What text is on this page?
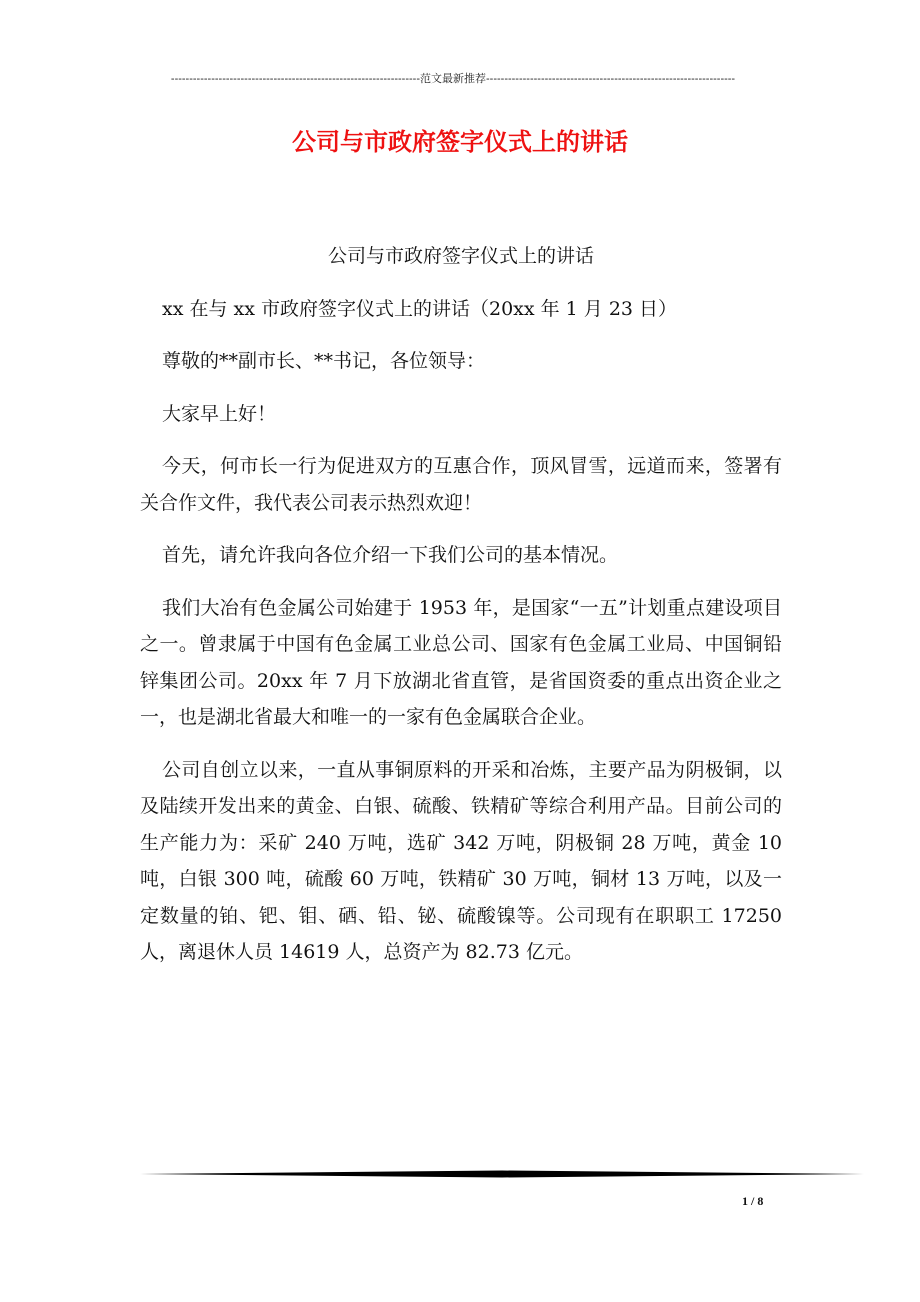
--------------------------------------------------------------------范文最新推荐--------------------------------------------------------------------
公司与市政府签字仪式上的讲话

公司与市政府签字仪式上的讲话

xx 在与 xx 市政府签字仪式上的讲话（20xx 年 1 月 23 日）

尊敬的**副市长、**书记，各位领导：

大家早上好！

今天，何市长一行为促进双方的互惠合作，顶风冒雪，远道而来，签署有关合作文件，我代表公司表示热烈欢迎！

首先，请允许我向各位介绍一下我们公司的基本情况。

我们大冶有色金属公司始建于 1953 年，是国家“一五”计划重点建设项目之一。曾隶属于中国有色金属工业总公司、国家有色金属工业局、中国铜铅锌集团公司。20xx 年 7 月下放湖北省直管，是省国资委的重点出资企业之一，也是湖北省最大和唯一的一家有色金属联合企业。

公司自创立以来，一直从事铜原料的开采和冶炼，主要产品为阴极铜，以及陆续开发出来的黄金、白银、硫酸、铁精矿等综合利用产品。目前公司的生产能力为：采矿 240 万吨，选矿 342 万吨，阴极铜 28 万吨，黄金 10 吨，白银 300 吨，硫酸 60 万吨，铁精矿 30 万吨，铜材 13 万吨，以及一定数量的铂、钯、钼、硒、铅、铋、硫酸镍等。公司现有在职职工 17250 人，离退休人员 14619 人，总资产为 82.73 亿元。

1 / 8
